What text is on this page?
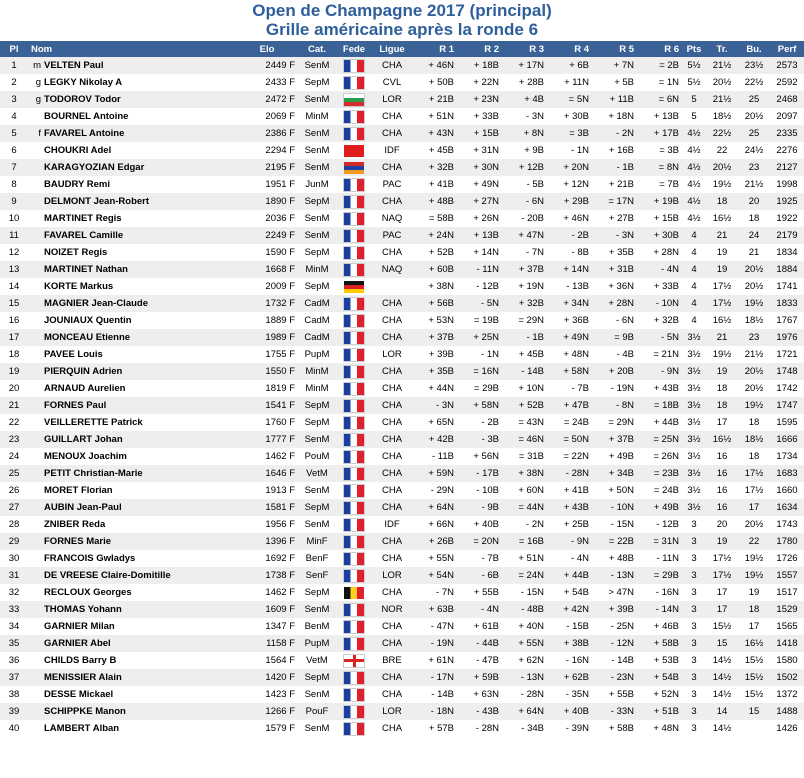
Open de Champagne 2017 (principal)
Grille américaine après la ronde 6
Pl	Nom	Elo	Cat.	Fede	Ligue	R 1	R 2	R 3	R 4	R 5	R 6	Pts	Tr.	Bu.	Perf
1	m VELTEN Paul	2449 F	SenM		CHA	+ 46N	+ 18B	+ 17N	+ 6B	+ 7N	= 2B	5½	21½	23½	2573
2	g LEGKY Nikolay A	2433 F	SepM		CVL	+ 50B	+ 22N	+ 28B	+ 11N	+ 5B	= 1N	5½	20½	22½	2592
3	g TODOROV Todor	2472 F	SenM		LOR	+ 21B	+ 23N	+ 4B	= 5N	+ 11B	= 6N	5	21½	25	2468
4	BOURNEL Antoine	2069 F	MinM		CHA	+ 51N	+ 33B	- 3N	+ 30B	+ 18N	+ 13B	5	18½	20½	2097
5	f FAVAREL Antoine	2386 F	SenM		CHA	+ 43N	+ 15B	+ 8N	= 3B	- 2N	+ 17B	4½	22½	25	2335
6	CHOUKRI Adel	2294 F	SenM		IDF	+ 45B	+ 31N	+ 9B	- 1N	+ 16B	= 3B	4½	22	24½	2276
7	KARAGYOZIAN Edgar	2195 F	SenM		CHA	+ 32B	+ 30N	+ 12B	+ 20N	- 1B	= 8N	4½	20½	23	2127
8	BAUDRY Remi	1951 F	JunM		PAC	+ 41B	+ 49N	- 5B	+ 12N	+ 21B	= 7B	4½	19½	21½	1998
9	DELMONT Jean-Robert	1890 F	SepM		CHA	+ 48B	+ 27N	- 6N	+ 29B	= 17N	+ 19B	4½	18	20	1925
10	MARTINET Regis	2036 F	SenM		NAQ	= 58B	+ 26N	- 20B	+ 46N	+ 27B	+ 15B	4½	16½	18	1922
11	FAVAREL Camille	2249 F	SenM		PAC	+ 24N	+ 13B	+ 47N	- 2B	- 3N	+ 30B	4	21	24	2179
12	NOIZET Regis	1590 F	SepM		CHA	+ 52B	+ 14N	- 7N	- 8B	+ 35B	+ 28N	4	19	21	1834
13	MARTINET Nathan	1668 F	MinM		NAQ	+ 60B	- 11N	+ 37B	+ 14N	+ 31B	- 4N	4	19	20½	1884
14	KORTE Markus	2009 F	SepM			+ 38N	- 12B	+ 19N	- 13B	+ 36N	+ 33B	4	17½	20½	1741
15	MAGNIER Jean-Claude	1732 F	CadM		CHA	+ 56B	- 5N	+ 32B	+ 34N	+ 28N	- 10N	4	17½	19½	1833
16	JOUNIAUX Quentin	1889 F	CadM		CHA	+ 53N	= 19B	= 29N	+ 36B	- 6N	+ 32B	4	16½	18½	1767
17	MONCEAU Etienne	1989 F	CadM		CHA	+ 37B	+ 25N	- 1B	+ 49N	= 9B	- 5N	3½	21	23	1976
18	PAVEE Louis	1755 F	PupM		LOR	+ 39B	- 1N	+ 45B	+ 48N	- 4B	= 21N	3½	19½	21½	1721
19	PIERQUIN Adrien	1550 F	MinM		CHA	+ 35B	= 16N	- 14B	+ 58N	+ 20B	- 9N	3½	19	20½	1748
20	ARNAUD Aurelien	1819 F	MinM		CHA	+ 44N	= 29B	+ 10N	- 7B	- 19N	+ 43B	3½	18	20½	1742
21	FORNES Paul	1541 F	SepM		CHA	- 3N	+ 58N	+ 52B	+ 47B	- 8N	= 18B	3½	18	19½	1747
22	VEILLERETTE Patrick	1760 F	SepM		CHA	+ 65N	- 2B	= 43N	= 24B	= 29N	+ 44B	3½	17	18	1595
23	GUILLART Johan	1777 F	SenM		CHA	+ 42B	- 3B	= 46N	= 50N	+ 37B	= 25N	3½	16½	18½	1666
24	MENOUX Joachim	1462 F	PouM		CHA	- 11B	+ 56N	= 31B	= 22N	+ 49B	= 26N	3½	16	18	1734
25	PETIT Christian-Marie	1646 F	VetM		CHA	+ 59N	- 17B	+ 38N	- 28N	+ 34B	= 23B	3½	16	17½	1683
26	MORET Florian	1913 F	SenM		CHA	- 29N	- 10B	+ 60N	+ 41B	+ 50N	= 24B	3½	16	17½	1660
27	AUBIN Jean-Paul	1581 F	SepM		CHA	+ 64N	- 9B	= 44N	+ 43B	- 10N	+ 49B	3½	16	17	1634
28	ZNIBER Reda	1956 F	SenM		IDF	+ 66N	+ 40B	- 2N	+ 25B	- 15N	- 12B	3	20	20½	1743
29	FORNES Marie	1396 F	MinF		CHA	+ 26B	= 20N	= 16B	- 9N	= 22B	= 31N	3	19	22	1780
30	FRANCOIS Gwladys	1692 F	BenF		CHA	+ 55N	- 7B	+ 51N	- 4N	+ 48B	- 11N	3	17½	19½	1726
31	DE VREESE Claire-Domitille	1738 F	SenF		LOR	+ 54N	- 6B	= 24N	+ 44B	- 13N	= 29B	3	17½	19½	1557
32	RECLOUX Georges	1462 F	SepM		CHA	- 7N	+ 55B	- 15N	+ 54B	> 47N	- 16N	3	17	19	1517
33	THOMAS Yohann	1609 F	SenM		NOR	+ 63B	- 4N	- 48B	+ 42N	+ 39B	- 14N	3	17	18	1529
34	GARNIER Milan	1347 F	BenM		CHA	- 47N	+ 61B	+ 40N	- 15B	- 25N	+ 46B	3	15½	17	1565
35	GARNIER Abel	1158 F	PupM		CHA	- 19N	- 44B	+ 55N	+ 38B	- 12N	+ 58B	3	15	16½	1418
36	CHILDS Barry B	1564 F	VetM		BRE	+ 61N	- 47B	+ 62N	- 16N	- 14B	+ 53B	3	14½	15½	1580
37	MENISSIER Alain	1420 F	SepM		CHA	- 17N	+ 59B	- 13N	+ 62B	- 23N	+ 54B	3	14½	15½	1502
38	DESSE Mickael	1423 F	SenM		CHA	- 14B	+ 63N	- 28N	- 35N	+ 55B	+ 52N	3	14½	15½	1372
39	SCHIPPKE Manon	1266 F	PouF		LOR	- 18N	- 43B	+ 64N	+ 40B	- 33N	+ 51B	3	14	15	1488
40	LAMBERT Alban	1579 F	SenM		CHA	+ 57B	- 28N	- 34B	- 39N	+ 58B	+ 48N	3	14½		1426
